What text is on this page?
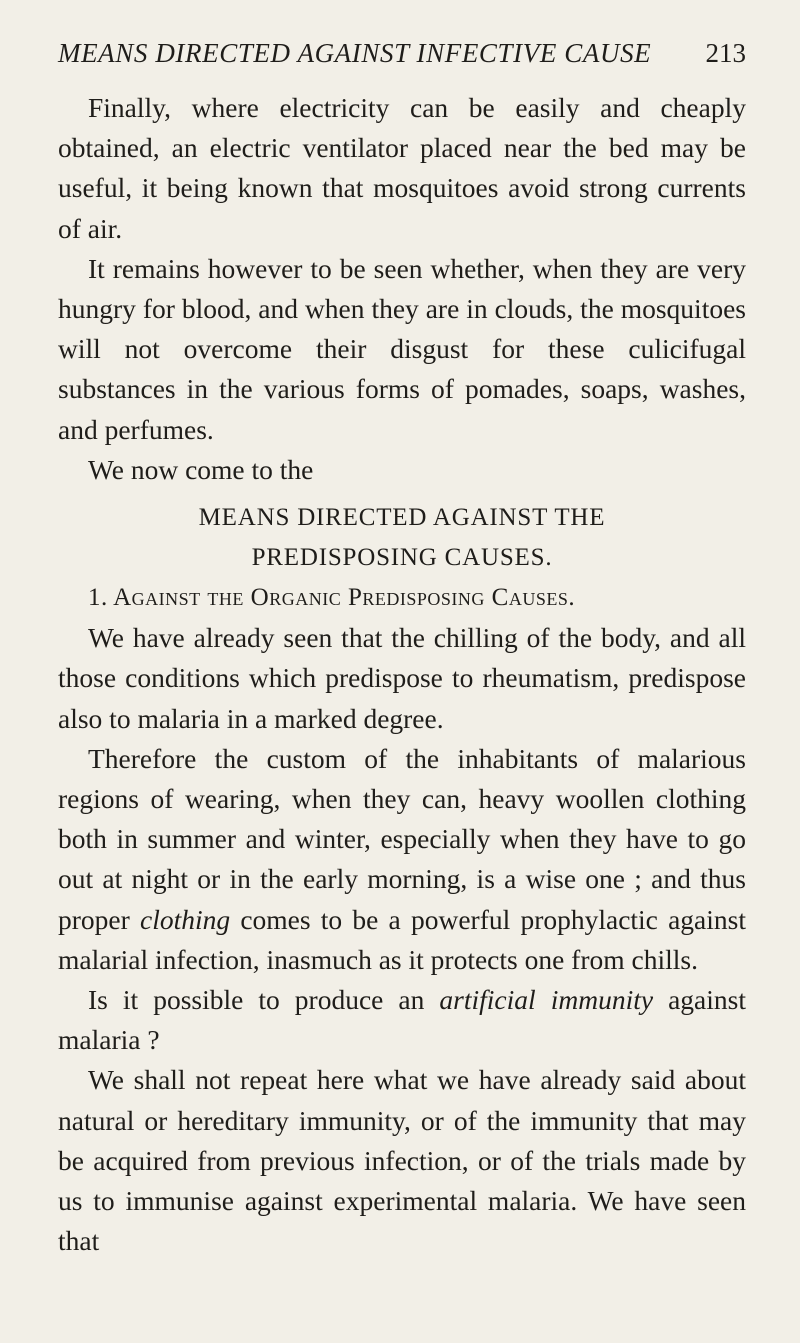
MEANS DIRECTED AGAINST INFECTIVE CAUSE 213

Finally, where electricity can be easily and cheaply obtained, an electric ventilator placed near the bed may be useful, it being known that mosquitoes avoid strong currents of air.

It remains however to be seen whether, when they are very hungry for blood, and when they are in clouds, the mosquitoes will not overcome their disgust for these culicifugal substances in the various forms of pomades, soaps, washes, and perfumes.

We now come to the

MEANS DIRECTED AGAINST THE
PREDISPOSING CAUSES.

1. Against the Organic Predisposing Causes.

We have already seen that the chilling of the body, and all those conditions which predispose to rheumatism, predispose also to malaria in a marked degree.

Therefore the custom of the inhabitants of malarious regions of wearing, when they can, heavy woollen clothing both in summer and winter, especially when they have to go out at night or in the early morning, is a wise one ; and thus proper clothing comes to be a powerful prophylactic against malarial infection, inasmuch as it protects one from chills.

Is it possible to produce an artificial immunity against malaria ?

We shall not repeat here what we have already said about natural or hereditary immunity, or of the immunity that may be acquired from previous infection, or of the trials made by us to immunise against experimental malaria. We have seen that
